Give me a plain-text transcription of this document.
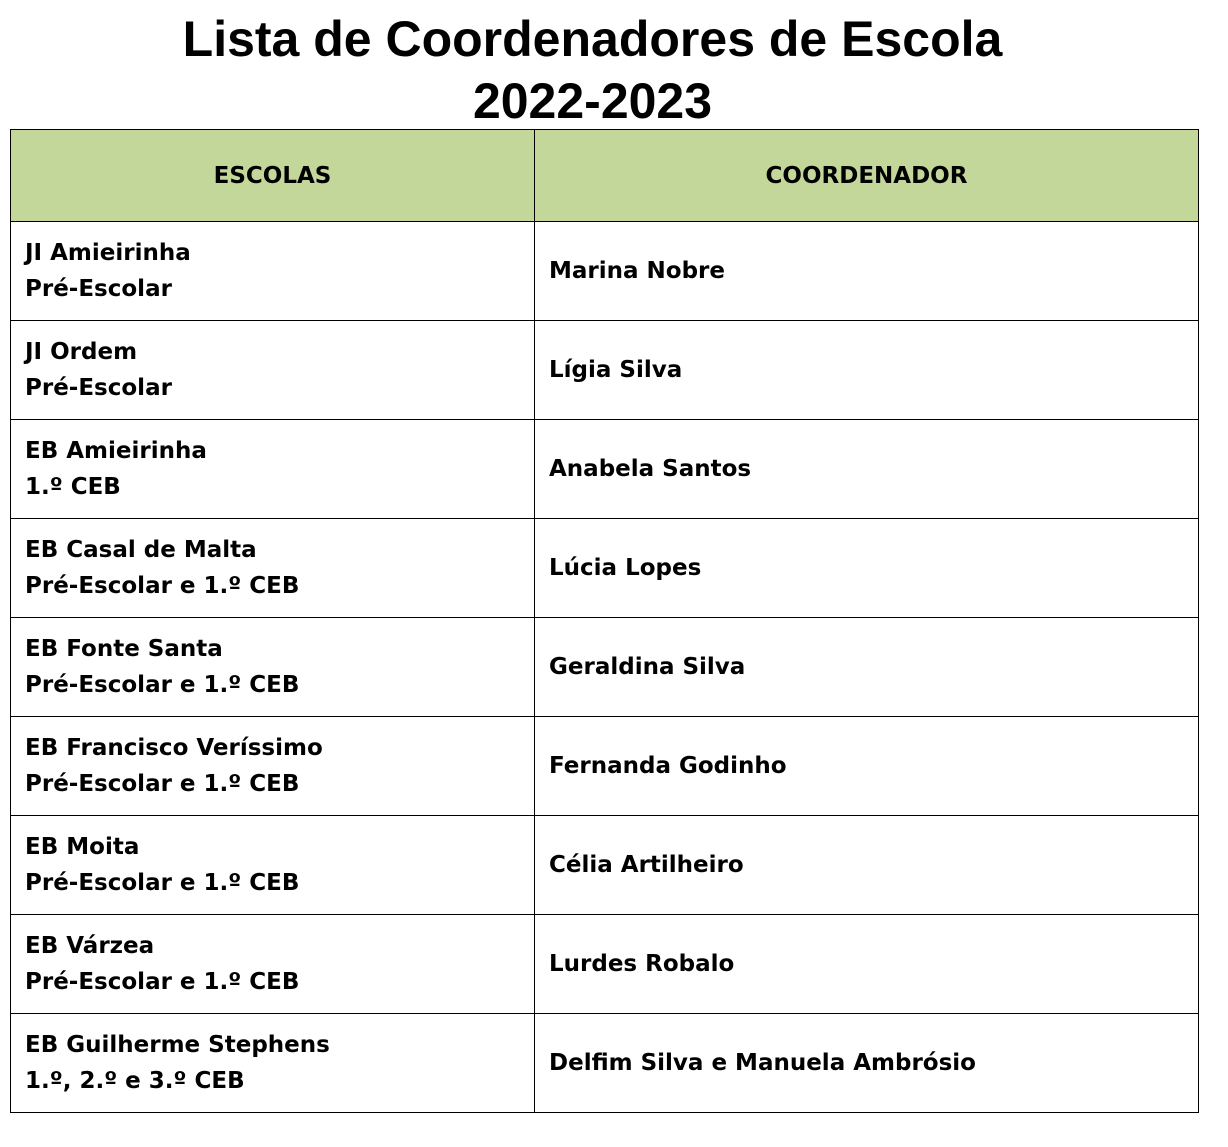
Lista de Coordenadores de Escola
2022-2023
ESCOLAS	COORDENADOR

JI Amieirinha
Pré-Escolar	Marina Nobre

JI Ordem
Pré-Escolar	Lígia Silva

EB Amieirinha
1.º CEB	Anabela Santos

EB Casal de Malta
Pré-Escolar e 1.º CEB	Lúcia Lopes

EB Fonte Santa
Pré-Escolar e 1.º CEB	Geraldina Silva

EB Francisco Veríssimo
Pré-Escolar e 1.º CEB	Fernanda Godinho

EB Moita
Pré-Escolar e 1.º CEB	Célia Artilheiro

EB Várzea
Pré-Escolar e 1.º CEB	Lurdes Robalo

EB Guilherme Stephens
1.º, 2.º e 3.º CEB	Delfim Silva e Manuela Ambrósio
